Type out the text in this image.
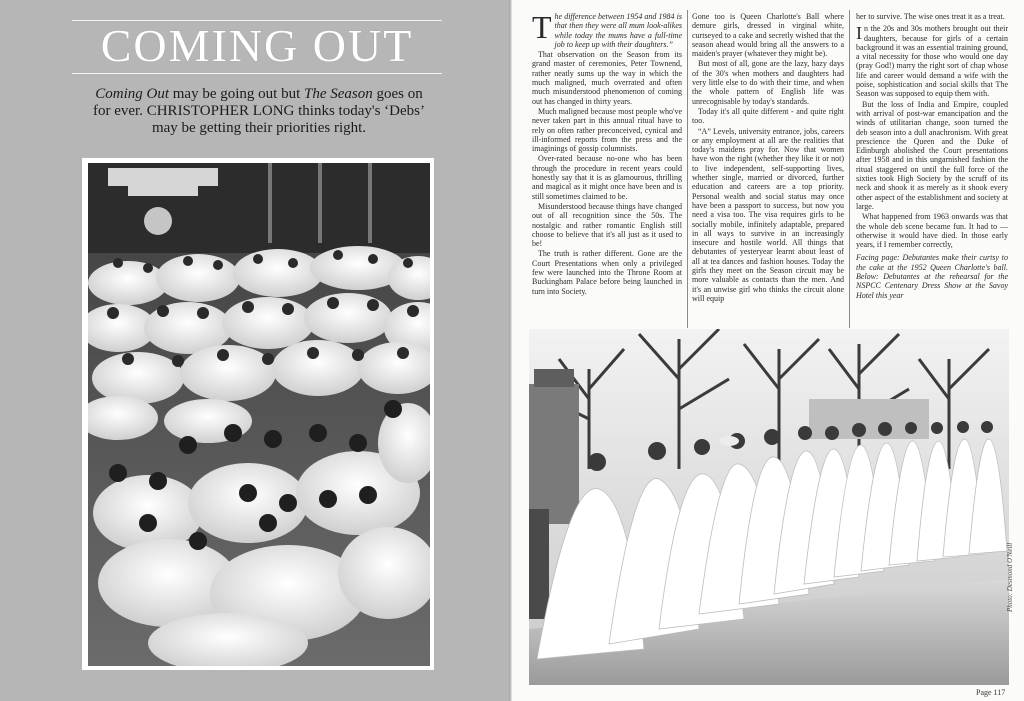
COMING OUT

Coming Out may be going out but The Season goes on for ever. CHRISTOPHER LONG thinks today's ‘Debs’ may be getting their priorities right.

The difference between 1954 and 1984 is that then they were all mum look-alikes while today the mums have a full-time job to keep up with their daughters.”

That observation on the Season from its grand master of ceremonies, Peter Townend, rather neatly sums up the way in which the much maligned, much overrated and often much misunderstood phenomenon of coming out has changed in thirty years.

Much maligned because most people who've never taken part in this annual ritual have to rely on often rather preconceived, cynical and ill-informed reports from the press and the imaginings of gossip columnists.

Over-rated because no-one who has been through the procedure in recent years could honestly say that it is as glamourous, thrilling and magical as it might once have been and is still sometimes claimed to be.

Misunderstood because things have changed out of all recognition since the 50s. The nostalgic and rather romantic English still choose to believe that it's all just as it used to be!

The truth is rather different. Gone are the Court Presentations when only a privileged few were launched into the Throne Room at Buckingham Palace before being launched in turn into Society.

Gone too is Queen Charlotte's Ball where demure girls, dressed in virginal white, curtseyed to a cake and secretly wished that the season ahead would bring all the answers to a maiden's prayer (whatever they might be).

But most of all, gone are the lazy, hazy days of the 30's when mothers and daughters had very little else to do with their time, and when the whole pattern of English life was unrecognisable by today's standards.

Today it's all quite different - and quite right too.

“A” Levels, university entrance, jobs, careers or any employment at all are the realities that today's maidens pray for. Now that women have won the right (whether they like it or not) to live independent, self-supporting lives, whether single, married or divorced, further education and careers are a top priority. Personal wealth and social status may once have been a passport to success, but now you need a visa too. The visa requires girls to be socially mobile, infinitely adaptable, prepared in all ways to survive in an increasingly insecure and hostile world. All things that debutantes of yesteryear learnt about least of all at tea dances and fashion houses. Today the girls they meet on the Season circuit may be more valuable as contacts than the men. And it's an unwise girl who thinks the circuit alone will equip

her to survive. The wise ones treat it as a treat.

In the 20s and 30s mothers brought out their daughters, because for girls of a certain background it was an essential training ground, a vital necessity for those who would one day (pray God!) marry the right sort of chap whose life and career would demand a wife with the poise, sophistication and social skills that The Season was supposed to equip them with.

But the loss of India and Empire, coupled with arrival of post-war emancipation and the winds of utilitarian change, soon turned the deb season into a dull anachronism. With great prescience the Queen and the Duke of Edinburgh abolished the Court presentations after 1958 and in this ungarnished fashion the ritual staggered on until the full force of the sixties took High Society by the scruff of its neck and shook it as merely as it shook every other aspect of the establishment and society at large.

What happened from 1963 onwards was that the whole deb scene became fun. It had to — otherwise it would have died. In those early years, if I remember correctly,

Facing page: Debutantes make their curtsy to the cake at the 1952 Queen Charlotte's ball. Below: Debutantes at the rehearsal for the NSPCC Centenary Dress Show at the Savoy Hotel this year

Photo: Desmond O'Neill
Page 117
